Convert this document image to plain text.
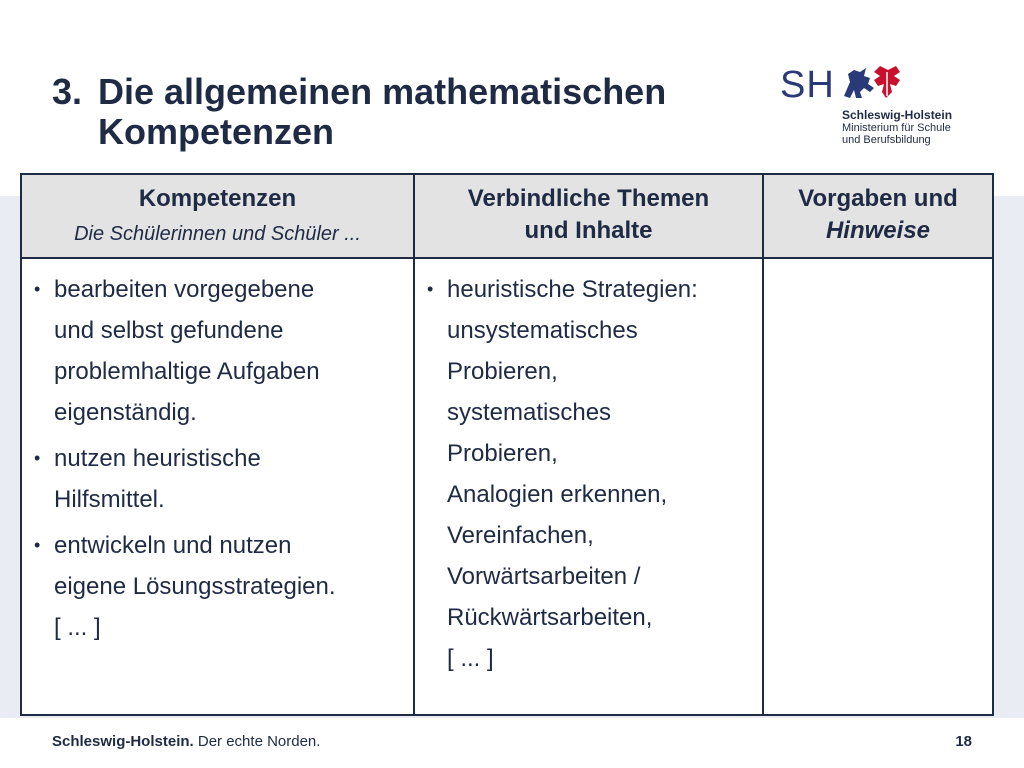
3. Die allgemeinen mathematischen
Kompetenzen
SH
Schleswig-Holstein
Ministerium für Schule
und Berufsbildung
Kompetenzen
Die Schülerinnen und Schüler ...
• bearbeiten vorgegebene
und selbst gefundene
problemhaltige Aufgaben
eigenständig.
• nutzen heuristische
Hilfsmittel.
• entwickeln und nutzen
eigene Lösungsstrategien.
[ ... ]
Verbindliche Themen
und Inhalte
• heuristische Strategien:
unsystematisches
Probieren,
systematisches
Probieren,
Analogien erkennen,
Vereinfachen,
Vorwärtsarbeiten /
Rückwärtsarbeiten,
[ ... ]
Vorgaben und
Hinweise
Schleswig-Holstein. Der echte Norden.	18
